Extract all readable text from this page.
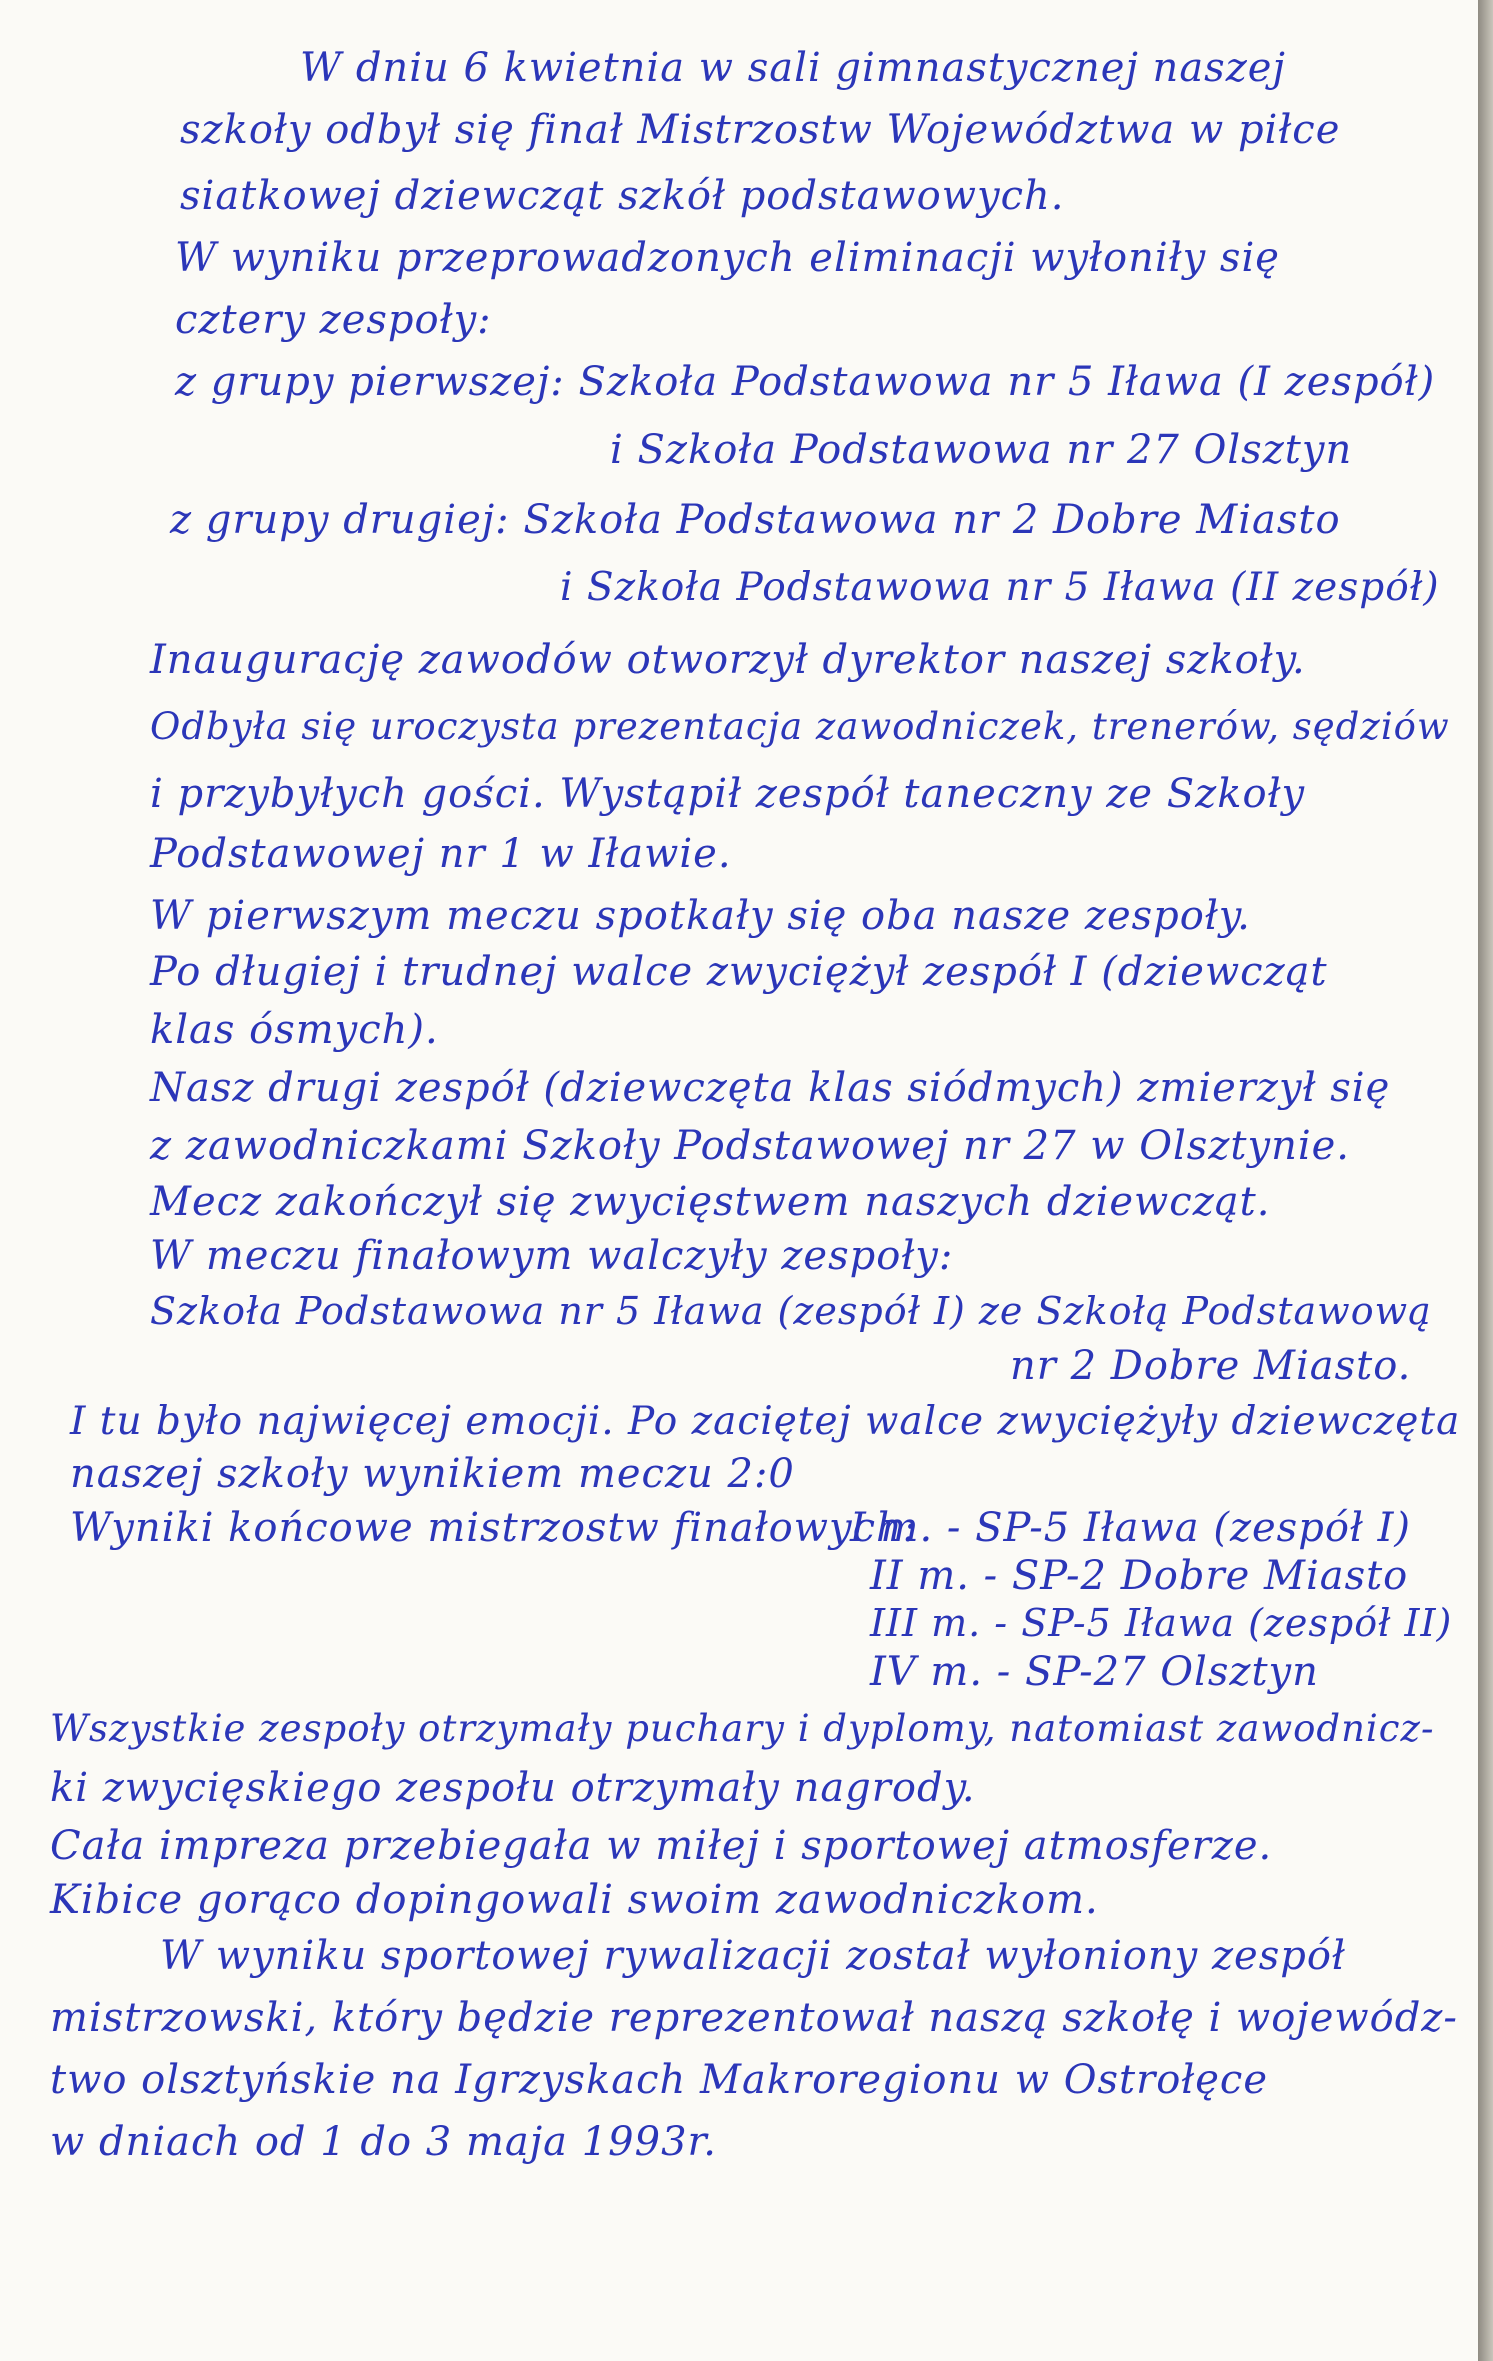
W dniu 6 kwietnia w sali gimnastycznej naszej
szkoły odbył się finał Mistrzostw Województwa w piłce
siatkowej dziewcząt szkół podstawowych.
W wyniku przeprowadzonych eliminacji wyłoniły się
cztery zespoły:
z grupy pierwszej: Szkoła Podstawowa nr 5 Iława (I zespół)
i Szkoła Podstawowa nr 27 Olsztyn
z grupy drugiej: Szkoła Podstawowa nr 2 Dobre Miasto
i Szkoła Podstawowa nr 5 Iława (II zespół)
Inaugurację zawodów otworzył dyrektor naszej szkoły.
Odbyła się uroczysta prezentacja zawodniczek, trenerów, sędziów
i przybyłych gości. Wystąpił zespół taneczny ze Szkoły
Podstawowej nr 1 w Iławie.
W pierwszym meczu spotkały się oba nasze zespoły.
Po długiej i trudnej walce zwyciężył zespół I (dziewcząt
klas ósmych).
Nasz drugi zespół (dziewczęta klas siódmych) zmierzył się
z zawodniczkami Szkoły Podstawowej nr 27 w Olsztynie.
Mecz zakończył się zwycięstwem naszych dziewcząt.
W meczu finałowym walczyły zespoły:
Szkoła Podstawowa nr 5 Iława (zespół I) ze Szkołą Podstawową
nr 2 Dobre Miasto.
I tu było najwięcej emocji. Po zaciętej walce zwyciężyły dziewczęta
naszej szkoły wynikiem meczu 2:0
Wyniki końcowe mistrzostw finałowych:
I m. - SP-5 Iława (zespół I)
II m. - SP-2 Dobre Miasto
III m. - SP-5 Iława (zespół II)
IV m. - SP-27 Olsztyn
Wszystkie zespoły otrzymały puchary i dyplomy, natomiast zawodnicz-
ki zwycięskiego zespołu otrzymały nagrody.
Cała impreza przebiegała w miłej i sportowej atmosferze.
Kibice gorąco dopingowali swoim zawodniczkom.
W wyniku sportowej rywalizacji został wyłoniony zespół
mistrzowski, który będzie reprezentował naszą szkołę i wojewódz-
two olsztyńskie na Igrzyskach Makroregionu w Ostrołęce
w dniach od 1 do 3 maja 1993r.
